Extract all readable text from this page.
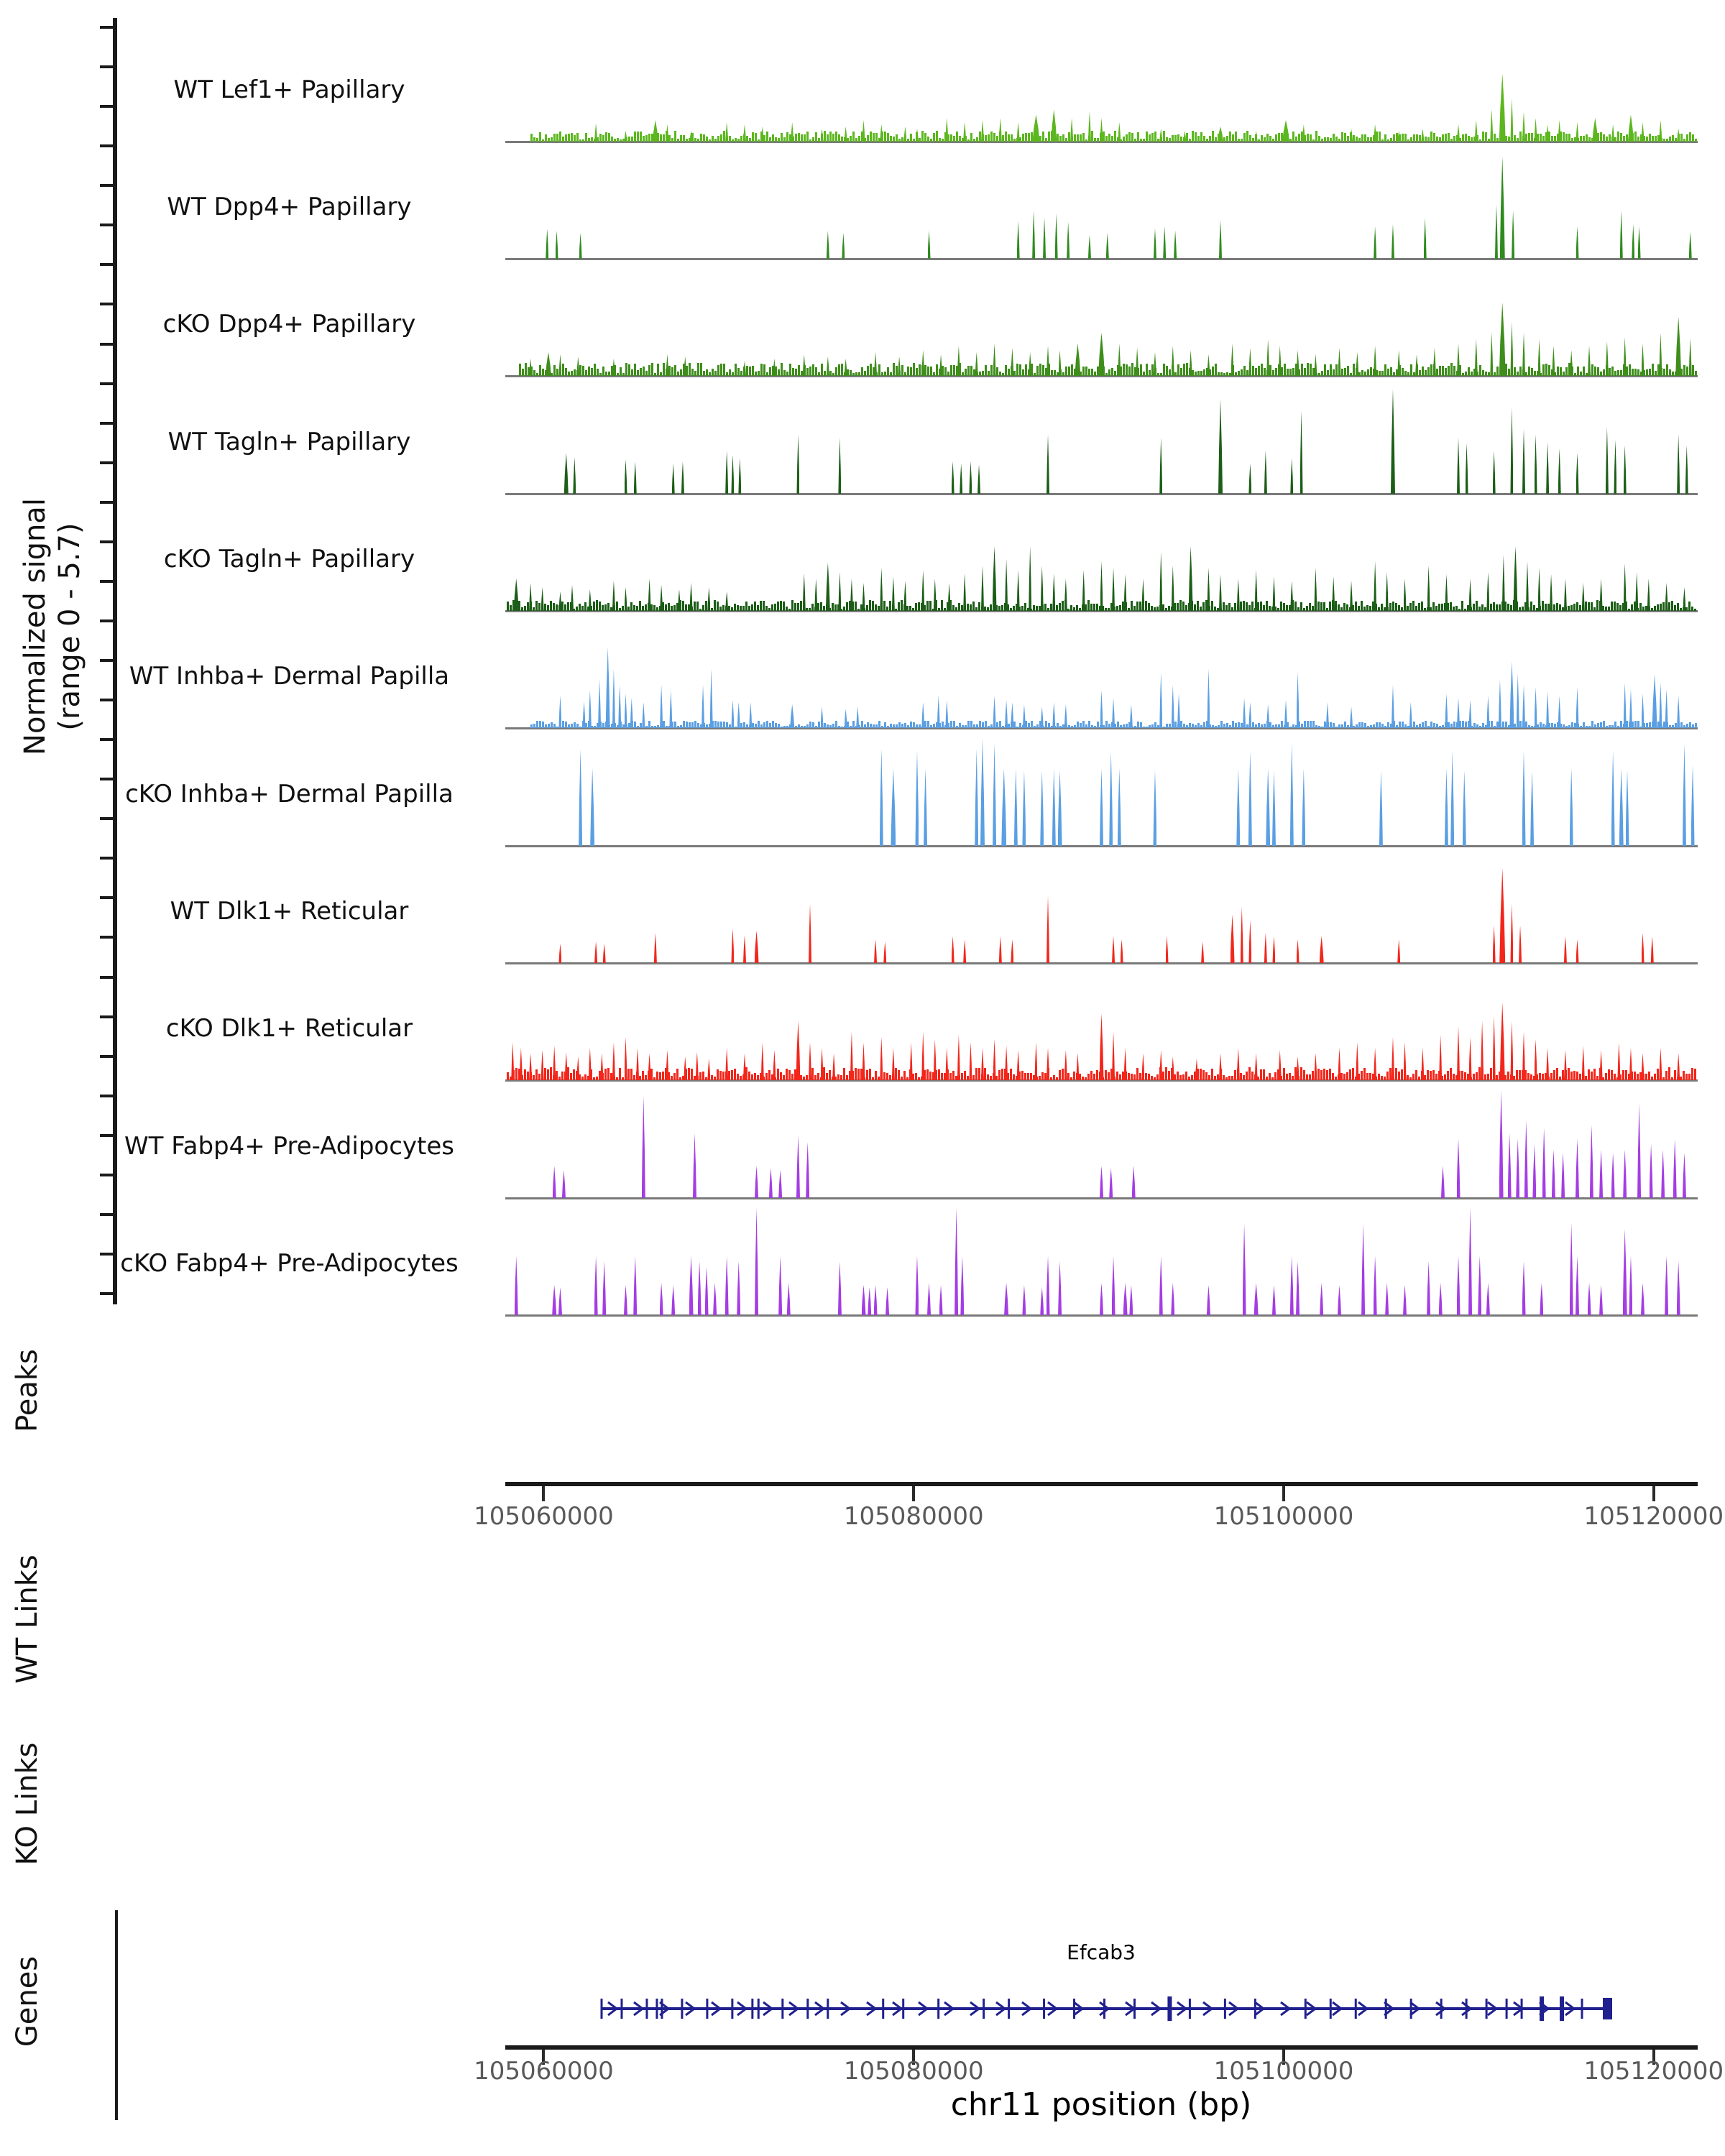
Normalized signal (range 0 - 5.7)
Peaks
WT Links
KO Links
Genes
Efcab3
chr11 position (bp)
WT Lef1+ Papillary
WT Dpp4+ Papillary
cKO Dpp4+ Papillary
WT Tagln+ Papillary
cKO Tagln+ Papillary
WT Inhba+ Dermal Papilla
cKO Inhba+ Dermal Papilla
WT Dlk1+ Reticular
cKO Dlk1+ Reticular
WT Fabp4+ Pre-Adipocytes
cKO Fabp4+ Pre-Adipocytes
105060000	105080000	105100000	105120000
105060000	105080000	105100000	105120000
